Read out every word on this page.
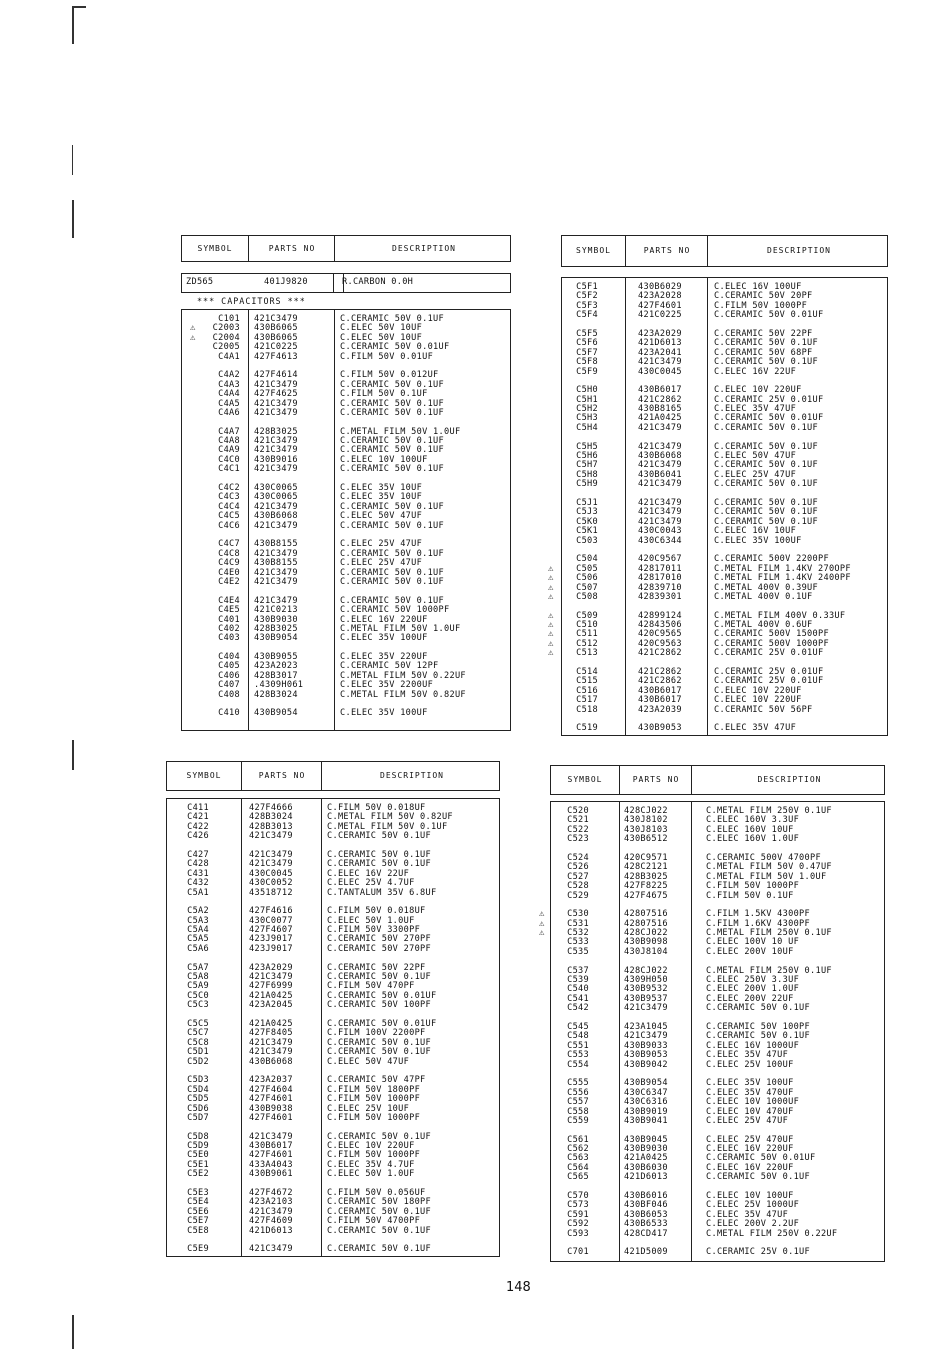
SYMBOL	PARTS NO	DESCRIPTION
ZD565	401J9820	R.CARBON 0.0H
*** CAPACITORS ***
C101 421C3479	C.CERAMIC 50V 0.1UF
⚠	C2003 430B6065	C.ELEC 50V 10UF
⚠	C2004 430B6065	C.ELEC 50V 10UF
C2005 421C0225	C.CERAMIC 50V 0.01UF
C4A1 427F4613	C.FILM 50V 0.01UF
C4A2 427F4614	C.FILM 50V 0.012UF
C4A3 421C3479	C.CERAMIC 50V 0.1UF
C4A4 427F4625	C.FILM 50V 0.1UF
C4A5 421C3479	C.CERAMIC 50V 0.1UF
C4A6 421C3479	C.CERAMIC 50V 0.1UF
C4A7 428B3025	C.METAL FILM 50V 1.0UF
C4A8 421C3479	C.CERAMIC 50V 0.1UF
C4A9 421C3479	C.CERAMIC 50V 0.1UF
C4C0 430B9016	C.ELEC 10V 100UF
C4C1 421C3479	C.CERAMIC 50V 0.1UF
C4C2 430C0065	C.ELEC 35V 10UF
C4C3 430C0065	C.ELEC 35V 10UF
C4C4 421C3479	C.CERAMIC 50V 0.1UF
C4C5 430B6068	C.ELEC 50V 47UF
C4C6 421C3479	C.CERAMIC 50V 0.1UF
C4C7 430B8155	C.ELEC 25V 47UF
C4C8 421C3479	C.CERAMIC 50V 0.1UF
C4C9 430B8155	C.ELEC 25V 47UF
C4E0 421C3479	C.CERAMIC 50V 0.1UF
C4E2 421C3479	C.CERAMIC 50V 0.1UF
C4E4 421C3479	C.CERAMIC 50V 0.1UF
C4E5 421C0213	C.CERAMIC 50V 1000PF
C401 430B9030	C.ELEC 16V 220UF
C402 428B3025	C.METAL FILM 50V 1.0UF
C403 430B9054	C.ELEC 35V 100UF
C404 430B9055	C.ELEC 35V 220UF
C405 423A2023	C.CERAMIC 50V 12PF
C406 428B3017	C.METAL FILM 50V 0.22UF
C407 .4309H061	C.ELEC 35V 2200UF
C408 428B3024	C.METAL FILM 50V 0.82UF
C410 430B9054	C.ELEC 35V 100UF
SYMBOL	PARTS NO	DESCRIPTION
C5F1	430B6029	C.ELEC 16V 100UF
C5F2	423A2028	C.CERAMIC 50V 20PF
C5F3	427F4601	C.FILM 50V 1000PF
C5F4	421C0225	C.CERAMIC 50V 0.01UF
C5F5	423A2029	C.CERAMIC 50V 22PF
C5F6	421D6013	C.CERAMIC 50V 0.1UF
C5F7	423A2041	C.CERAMIC 50V 68PF
C5F8	421C3479	C.CERAMIC 50V 0.1UF
C5F9	430C0045	C.ELEC 16V 22UF
C5H0	430B6017	C.ELEC 10V 220UF
C5H1	421C2862	C.CERAMIC 25V 0.01UF
C5H2	430B8165	C.ELEC 35V 47UF
C5H3	421A0425	C.CERAMIC 50V 0.01UF
C5H4	421C3479	C.CERAMIC 50V 0.1UF
C5H5	421C3479	C.CERAMIC 50V 0.1UF
C5H6	430B6068	C.ELEC 50V 47UF
C5H7	421C3479	C.CERAMIC 50V 0.1UF
C5H8	430B6041	C.ELEC 25V 47UF
C5H9	421C3479	C.CERAMIC 50V 0.1UF
C5J1	421C3479	C.CERAMIC 50V 0.1UF
C5J3	421C3479	C.CERAMIC 50V 0.1UF
C5K0	421C3479	C.CERAMIC 50V 0.1UF
C5K1	430C0043	C.ELEC 16V 10UF
C503	430C6344	C.ELEC 35V 100UF
C504	420C9567	C.CERAMIC 500V 2200PF
⚠	C505	42817011	C.METAL FILM 1.4KV 270OPF
⚠	C506	42817010	C.METAL FILM 1.4KV 2400PF
⚠	C507	42839710	C.METAL 400V 0.39UF
⚠	C508	42839301	C.METAL 400V 0.1UF
⚠	C509	42899124	C.METAL FILM 400V 0.33UF
⚠	C510	42843506	C.METAL 400V 0.6UF
⚠	C511	420C9565	C.CERAMIC 500V 1500PF
⚠	C512	420C9563	C.CERAMIC 500V 1000PF
⚠	C513	421C2862	C.CERAMIC 25V 0.01UF
C514	421C2862	C.CERAMIC 25V 0.01UF
C515	421C2862	C.CERAMIC 25V 0.01UF
C516	430B6017	C.ELEC 10V 220UF
C517	430B6017	C.ELEC 10V 220UF
C518	423A2039	C.CERAMIC 50V 56PF
C519	430B9053	C.ELEC 35V 47UF
SYMBOL	PARTS NO	DESCRIPTION
C411	427F4666	C.FILM 50V 0.018UF
C421	428B3024	C.METAL FILM 50V 0.82UF
C422	428B3013	C.METAL FILM 50V 0.1UF
C426	421C3479	C.CERAMIC 50V 0.1UF
C427	421C3479	C.CERAMIC 50V 0.1UF
C428	421C3479	C.CERAMIC 50V 0.1UF
C431	430C0045	C.ELEC 16V 22UF
C432	430C0052	C.ELEC 25V 4.7UF
C5A1	43518712	C.TANTALUM 35V 6.8UF
C5A2	427F4616	C.FILM 50V 0.018UF
C5A3	430C0077	C.ELEC 50V 1.0UF
C5A4	427F4607	C.FILM 50V 3300PF
C5A5	423J9017	C.CERAMIC 50V 270PF
C5A6	423J9017	C.CERAMIC 50V 270PF
C5A7	423A2029	C.CERAMIC 50V 22PF
C5A8	421C3479	C.CERAMIC 50V 0.1UF
C5A9	427F6999	C.FILM 50V 470PF
C5C0	421A0425	C.CERAMIC 50V 0.01UF
C5C3	423A2045	C.CERAMIC 50V 100PF
C5C5	421A0425	C.CERAMIC 50V 0.01UF
C5C7	427F8405	C.FILM 100V 2200PF
C5C8	421C3479	C.CERAMIC 50V 0.1UF
C5D1	421C3479	C.CERAMIC 50V 0.1UF
C5D2	430B6068	C.ELEC 50V 47UF
C5D3	423A2037	C.CERAMIC 50V 47PF
C5D4	427F4604	C.FILM 50V 1800PF
C5D5	427F4601	C.FILM 50V 1000PF
C5D6	430B9038	C.ELEC 25V 10UF
C5D7	427F4601	C.FILM 50V 1000PF
C5D8	421C3479	C.CERAMIC 50V 0.1UF
C5D9	430B6017	C.ELEC 10V 220UF
C5E0	427F4601	C.FILM 50V 1000PF
C5E1	433A4043	C.ELEC 35V 4.7UF
C5E2	430B9061	C.ELEC 50V 1.0UF
C5E3	427F4672	C.FILM 50V 0.056UF
C5E4	423A2103	C.CERAMIC 50V 180PF
C5E6	421C3479	C.CERAMIC 50V 0.1UF
C5E7	427F4609	C.FILM 50V 4700PF
C5E8	421D6013	C.CERAMIC 50V 0.1UF
C5E9	421C3479	C.CERAMIC 50V 0.1UF
SYMBOL	PARTS NO	DESCRIPTION
C520	428CJ022	C.METAL FILM 250V 0.1UF
C521	430J8102	C.ELEC 160V 3.3UF
C522	430J8103	C.ELEC 160V 10UF
C523	430B6512	C.ELEC 160V 1.0UF
C524	420C9571	C.CERAMIC 500V 4700PF
C526	428C2121	C.METAL FILM 50V 0.47UF
C527	428B3025	C.METAL FILM 50V 1.0UF
C528	427F8225	C.FILM 50V 1000PF
C529	427F4675	C.FILM 50V 0.1UF
⚠	C530	42807516	C.FILM 1.5KV 4300PF
⚠	C531	42807516	C.FILM 1.6KV 4300PF
⚠	C532	428CJ022	C.METAL FILM 250V 0.1UF
C533	430B9098	C.ELEC 100V 10 UF
C535	430J8104	C.ELEC 200V 10UF
C537	428CJ022	C.METAL FILM 250V 0.1UF
C539	4309H050	C.ELEC 250V 3.3UF
C540	430B9532	C.ELEC 200V 1.0UF
C541	430B9537	C.ELEC 200V 22UF
C542	421C3479	C.CERAMIC 50V 0.1UF
C545	423A1045	C.CERAMIC 50V 100PF
C548	421C3479	C.CERAMIC 50V 0.1UF
C551	430B9033	C.ELEC 16V 1000UF
C553	430B9053	C.ELEC 35V 47UF
C554	430B9042	C.ELEC 25V 100UF
C555	430B9054	C.ELEC 35V 100UF
C556	430C6347	C.ELEC 35V 470UF
C557	430C6316	C.ELEC 10V 1000UF
C558	430B9019	C.ELEC 10V 470UF
C559	430B9041	C.ELEC 25V 47UF
C561	430B9045	C.ELEC 25V 470UF
C562	430B9030	C.ELEC 16V 220UF
C563	421A0425	C.CERAMIC 50V 0.01UF
C564	430B6030	C.ELEC 16V 220UF
C565	421D6013	C.CERAMIC 50V 0.1UF
C570	430B6016	C.ELEC 10V 100UF
C573	430BF046	C.ELEC 25V 1000UF
C591	430B6053	C.ELEC 35V 47UF
C592	430B6533	C.ELEC 200V 2.2UF
C593	428CD417	C.METAL FILM 250V 0.22UF
C701	421D5009	C.CERAMIC 25V 0.1UF
148
